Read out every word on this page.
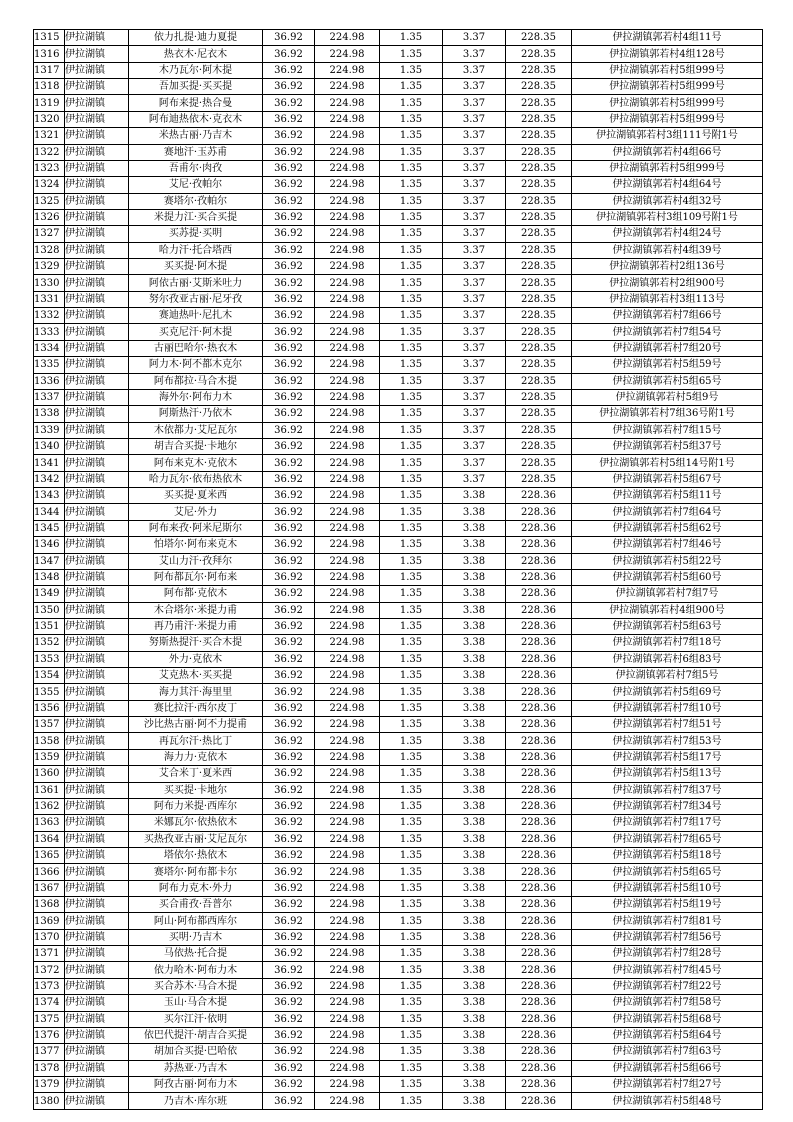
1315	伊拉湖镇	依力扎提·迪力夏提	36.92	224.98	1.35	3.37	228.35	伊拉湖镇郭若村4组11号
1316	伊拉湖镇	热衣木·尼衣木	36.92	224.98	1.35	3.37	228.35	伊拉湖镇郭若村4组128号
1317	伊拉湖镇	木乃瓦尔·阿木提	36.92	224.98	1.35	3.37	228.35	伊拉湖镇郭若村5组999号
1318	伊拉湖镇	吾加买提·买买提	36.92	224.98	1.35	3.37	228.35	伊拉湖镇郭若村5组999号
1319	伊拉湖镇	阿布来提·热合曼	36.92	224.98	1.35	3.37	228.35	伊拉湖镇郭若村5组999号
1320	伊拉湖镇	阿布迪热依木·克衣木	36.92	224.98	1.35	3.37	228.35	伊拉湖镇郭若村5组999号
1321	伊拉湖镇	米热古丽·乃吉木	36.92	224.98	1.35	3.37	228.35	伊拉湖镇郭若村3组111号附1号
1322	伊拉湖镇	赛地汗·玉苏甫	36.92	224.98	1.35	3.37	228.35	伊拉湖镇郭若村4组66号
1323	伊拉湖镇	吾甫尔·肉孜	36.92	224.98	1.35	3.37	228.35	伊拉湖镇郭若村5组999号
1324	伊拉湖镇	艾尼·孜帕尔	36.92	224.98	1.35	3.37	228.35	伊拉湖镇郭若村4组64号
1325	伊拉湖镇	赛塔尔·孜帕尔	36.92	224.98	1.35	3.37	228.35	伊拉湖镇郭若村4组32号
1326	伊拉湖镇	米提力江·买合买提	36.92	224.98	1.35	3.37	228.35	伊拉湖镇郭若村3组109号附1号
1327	伊拉湖镇	买苏提·买明	36.92	224.98	1.35	3.37	228.35	伊拉湖镇郭若村4组24号
1328	伊拉湖镇	哈力汗·托合塔西	36.92	224.98	1.35	3.37	228.35	伊拉湖镇郭若村4组39号
1329	伊拉湖镇	买买提·阿木提	36.92	224.98	1.35	3.37	228.35	伊拉湖镇郭若村2组136号
1330	伊拉湖镇	阿依古丽·艾斯米吐力	36.92	224.98	1.35	3.37	228.35	伊拉湖镇郭若村2组900号
1331	伊拉湖镇	努尔孜亚古丽·尼牙孜	36.92	224.98	1.35	3.37	228.35	伊拉湖镇郭若村3组113号
1332	伊拉湖镇	赛迪热叶·尼扎木	36.92	224.98	1.35	3.37	228.35	伊拉湖镇郭若村7组66号
1333	伊拉湖镇	买克尼汗·阿木提	36.92	224.98	1.35	3.37	228.35	伊拉湖镇郭若村7组54号
1334	伊拉湖镇	古丽巴哈尔·热衣木	36.92	224.98	1.35	3.37	228.35	伊拉湖镇郭若村7组20号
1335	伊拉湖镇	阿力木·阿不都木克尔	36.92	224.98	1.35	3.37	228.35	伊拉湖镇郭若村5组59号
1336	伊拉湖镇	阿布都拉·马合木提	36.92	224.98	1.35	3.37	228.35	伊拉湖镇郭若村5组65号
1337	伊拉湖镇	海外尔·阿布力木	36.92	224.98	1.35	3.37	228.35	伊拉湖镇郭若村5组9号
1338	伊拉湖镇	阿斯热汗·乃依木	36.92	224.98	1.35	3.37	228.35	伊拉湖镇郭若村7组36号附1号
1339	伊拉湖镇	木依都力·艾尼瓦尔	36.92	224.98	1.35	3.37	228.35	伊拉湖镇郭若村7组15号
1340	伊拉湖镇	胡吉合买提·卡地尔	36.92	224.98	1.35	3.37	228.35	伊拉湖镇郭若村5组37号
1341	伊拉湖镇	阿布来克木·克依木	36.92	224.98	1.35	3.37	228.35	伊拉湖镇郭若村5组14号附1号
1342	伊拉湖镇	哈力瓦尔·依布热依木	36.92	224.98	1.35	3.37	228.35	伊拉湖镇郭若村5组67号
1343	伊拉湖镇	买买提·夏米西	36.92	224.98	1.35	3.38	228.36	伊拉湖镇郭若村5组11号
1344	伊拉湖镇	艾尼·外力	36.92	224.98	1.35	3.38	228.36	伊拉湖镇郭若村7组64号
1345	伊拉湖镇	阿布来孜·阿米尼斯尔	36.92	224.98	1.35	3.38	228.36	伊拉湖镇郭若村5组62号
1346	伊拉湖镇	怕塔尔·阿布来克木	36.92	224.98	1.35	3.38	228.36	伊拉湖镇郭若村7组46号
1347	伊拉湖镇	艾山力汗·孜拜尔	36.92	224.98	1.35	3.38	228.36	伊拉湖镇郭若村5组22号
1348	伊拉湖镇	阿布都瓦尔·阿布来	36.92	224.98	1.35	3.38	228.36	伊拉湖镇郭若村5组60号
1349	伊拉湖镇	阿布都·克依木	36.92	224.98	1.35	3.38	228.36	伊拉湖镇郭若村7组7号
1350	伊拉湖镇	木合塔尔·米提力甫	36.92	224.98	1.35	3.38	228.36	伊拉湖镇郭若村4组900号
1351	伊拉湖镇	再乃甫汗·米提力甫	36.92	224.98	1.35	3.38	228.36	伊拉湖镇郭若村5组63号
1352	伊拉湖镇	努斯热提汗·买合木提	36.92	224.98	1.35	3.38	228.36	伊拉湖镇郭若村7组18号
1353	伊拉湖镇	外力·克依木	36.92	224.98	1.35	3.38	228.36	伊拉湖镇郭若村6组83号
1354	伊拉湖镇	艾克热木·买买提	36.92	224.98	1.35	3.38	228.36	伊拉湖镇郭若村7组5号
1355	伊拉湖镇	海力其汗·海里里	36.92	224.98	1.35	3.38	228.36	伊拉湖镇郭若村5组69号
1356	伊拉湖镇	赛比拉汗·西尔皮丁	36.92	224.98	1.35	3.38	228.36	伊拉湖镇郭若村7组10号
1357	伊拉湖镇	沙比热古丽·阿不力提甫	36.92	224.98	1.35	3.38	228.36	伊拉湖镇郭若村7组51号
1358	伊拉湖镇	再瓦尔汗·热比丁	36.92	224.98	1.35	3.38	228.36	伊拉湖镇郭若村7组53号
1359	伊拉湖镇	海力力·克依木	36.92	224.98	1.35	3.38	228.36	伊拉湖镇郭若村5组17号
1360	伊拉湖镇	艾合米丁·夏米西	36.92	224.98	1.35	3.38	228.36	伊拉湖镇郭若村5组13号
1361	伊拉湖镇	买买提·卡地尔	36.92	224.98	1.35	3.38	228.36	伊拉湖镇郭若村7组37号
1362	伊拉湖镇	阿布力米提·西库尔	36.92	224.98	1.35	3.38	228.36	伊拉湖镇郭若村7组34号
1363	伊拉湖镇	米娜瓦尔·依热依木	36.92	224.98	1.35	3.38	228.36	伊拉湖镇郭若村7组17号
1364	伊拉湖镇	买热孜亚古丽·艾尼瓦尔	36.92	224.98	1.35	3.38	228.36	伊拉湖镇郭若村7组65号
1365	伊拉湖镇	塔依尔·热依木	36.92	224.98	1.35	3.38	228.36	伊拉湖镇郭若村5组18号
1366	伊拉湖镇	赛塔尔·阿布都卡尔	36.92	224.98	1.35	3.38	228.36	伊拉湖镇郭若村5组65号
1367	伊拉湖镇	阿布力克木·外力	36.92	224.98	1.35	3.38	228.36	伊拉湖镇郭若村5组10号
1368	伊拉湖镇	买合甫孜·吾普尔	36.92	224.98	1.35	3.38	228.36	伊拉湖镇郭若村5组19号
1369	伊拉湖镇	阿山·阿布都西库尔	36.92	224.98	1.35	3.38	228.36	伊拉湖镇郭若村7组81号
1370	伊拉湖镇	买明·乃吉木	36.92	224.98	1.35	3.38	228.36	伊拉湖镇郭若村7组56号
1371	伊拉湖镇	马依热·托合提	36.92	224.98	1.35	3.38	228.36	伊拉湖镇郭若村7组28号
1372	伊拉湖镇	依力哈木·阿布力木	36.92	224.98	1.35	3.38	228.36	伊拉湖镇郭若村7组45号
1373	伊拉湖镇	买合苏木·马合木提	36.92	224.98	1.35	3.38	228.36	伊拉湖镇郭若村7组22号
1374	伊拉湖镇	玉山·马合木提	36.92	224.98	1.35	3.38	228.36	伊拉湖镇郭若村7组58号
1375	伊拉湖镇	买尔江汗·依明	36.92	224.98	1.35	3.38	228.36	伊拉湖镇郭若村5组68号
1376	伊拉湖镇	依巴代提汗·胡吉合买提	36.92	224.98	1.35	3.38	228.36	伊拉湖镇郭若村5组64号
1377	伊拉湖镇	胡加合买提·巴哈依	36.92	224.98	1.35	3.38	228.36	伊拉湖镇郭若村7组63号
1378	伊拉湖镇	苏热亚·乃吉木	36.92	224.98	1.35	3.38	228.36	伊拉湖镇郭若村5组66号
1379	伊拉湖镇	阿孜古丽·阿布力木	36.92	224.98	1.35	3.38	228.36	伊拉湖镇郭若村7组27号
1380	伊拉湖镇	乃吉木·库尔班	36.92	224.98	1.35	3.38	228.36	伊拉湖镇郭若村5组48号
